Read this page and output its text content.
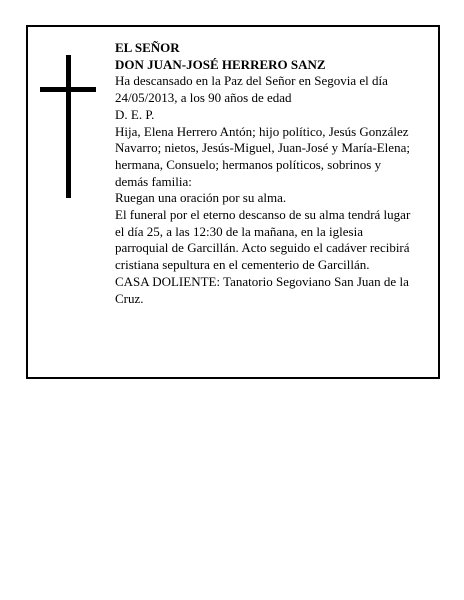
EL SEÑOR

DON JUAN-JOSÉ HERRERO SANZ

Ha descansado en la Paz del Señor en Segovia el día 24/05/2013, a los 90 años de edad

D. E. P.

Hija, Elena Herrero Antón; hijo político, Jesús González Navarro; nietos, Jesús-Miguel, Juan-José y María-Elena; hermana, Consuelo; hermanos políticos, sobrinos y demás familia:

Ruegan una oración por su alma.

El funeral por el eterno descanso de su alma tendrá lugar el día 25, a las 12:30 de la mañana, en la iglesia parroquial de Garcillán. Acto seguido el cadáver recibirá cristiana sepultura en el cementerio de Garcillán.

CASA DOLIENTE: Tanatorio Segoviano San Juan de la Cruz.
